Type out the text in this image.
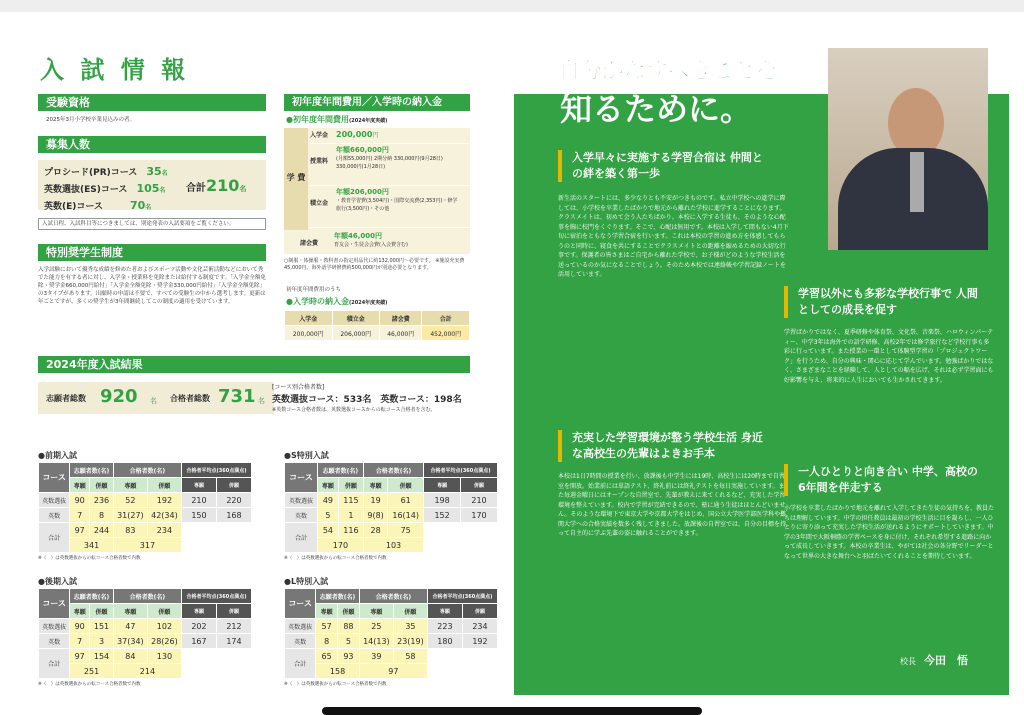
入 試 情 報
受験資格
2025年3月小学校卒業見込みの者。
募集人数
プロシード(PR)コース　 35名
英数選抜(ES)コース　 105名
英数(E)コース　　　 70名
合計210名
入試日程、入試科目等につきましては、別途発表の入試要項をご覧ください。
特別奨学生制度
入学試験において優秀な成績を修めた者およびスポーツ活動や文化芸術活動などにおいて秀でた能力を有する者に対し、入学金・授業料を免除または給付する制度です。「入学金全額免除・奨学金660,000円給付」「入学金全額免除・奨学金330,000円給付」「入学金全額免除」の3タイプがあります。出願時の申請は不要で、すべての受験生の中から選考します。更新は年ごとですが、多くの奨学生が3年間継続してこの制度の適用を受けています。
初年度年間費用／入学時の納入金
●初年度年間費用(2024年度実績)
学 費
入学金 200,000円
授業料年額660,000円
(月額55,000円) 2期分納 330,000円(9月28日) 330,000円(1月28日)
積立金年額206,000円
・教育学習費(3,504円)・国際交流費(2,353円)・修学旅行(3,500円)・その他
諸会費年額46,000円
育友会・生徒会会費(入会費含む)
○制服・体操服・教科書の指定用品代に約132,000円～必要です。 ※施設充実費45,000円、海外語学研修費約500,000円が別途必要となります。
初年度年間費用のうち
●入学時の納入金(2024年度実績)
入学金	積立金	諸会費	合計
200,000円	206,000円	46,000円	452,000円
2024年度入試結果
志願者総数 920 名 合格者総数 731 名
[コース別合格者数]
英数選抜コース：533名　 英数コース：198名
※英数コース合格者数は、英数選抜コースからの転コース合格者を含む。
●前期入試
コース	志願者数(名)		合格者数(名)		合格者平均点(360点満点)	
	専願	併願	専願	併願	専願	併願
英数選抜	90	236	52	192	210	220
英数	7	8	31(27)	42(34)	150	168
合計	97	244	83	234		
	341		317			
※（　）は英数選抜からの転コース合格者数で内数
●S特別入試
コース	志願者数(名)		合格者数(名)		合格者平均点(360点満点)	
	専願	併願	専願	併願	専願	併願
英数選抜	49	115	19	61	198	210
英数	5	1	9(8)	16(14)	152	170
合計	54	116	28	75		
	170		103			
※（　）は英数選抜からの転コース合格者数で内数
●後期入試
コース	志願者数(名)		合格者数(名)		合格者平均点(360点満点)	
	専願	併願	専願	併願	専願	併願
英数選抜	90	151	47	102	202	212
英数	7	3	37(34)	28(26)	167	174
合計	97	154	84	130		
	251		214			
※（　）は英数選抜からの転コース合格者数で内数
●L特別入試
コース	志願者数(名)		合格者数(名)		合格者平均点(360点満点)	
	専願	併願	専願	併願	専願	併願
英数選抜	57	88	25	35	223	234
英数	8	5	14(13)	23(19)	180	192
合計	65	93	39	58		
	158		97			
※（　）は英数選抜からの転コース合格者数で内数
自分がなすべきことを
知るために。
入学早々に実施する学習合宿は 仲間との絆を築く第一歩
新生活のスタートには、多少なりとも不安がつきものです。私立中学校への進学に際しては、小学校を卒業したばかりで地元から離れた学校に進学することになります。クラスメイトは、初めて会う人たちばかり。本校に入学する生徒も、そのような心配事を胸に校門をくぐります。そこで、心配は無用です。本校は入学して間もない4月下旬に宿泊をともなう学習合宿を行います。これは本校の学習の進め方を体感してもらうのと同時に、寝食を共にすることでクラスメイトとの距離を縮めるための大切な行事です。保護者の皆さまはご自宅から離れた学校で、お子様がどのような学校生活を送っているのか気になることでしょう。そのため本校では連絡帳や学習記録ノートを活用しています。
充実した学習環境が整う学校生活 身近な高校生の先輩はよきお手本
本校は1日7時間の授業を行い、放課後も中学生には19時、高校生には20時まで自習室を開放。始業前には単語テスト、終礼前には終礼テストを毎日実施しています。また毎週金曜日にはオープンな自習室で、先輩が教えに来てくれるなど、充実した学習環境を整えています。校内で学習が完結できるので、塾に通う生徒はほとんどいません。そのような環境下で東京大学や京都大学をはじめ、国公立大学医学部医学科や難関大学への合格実績を数多く残してきました。放課後の自習室では、自分の目標を持って自主的に学ぶ先輩の姿に触れることができます。
学習以外にも多彩な学校行事で 人間としての成長を促す
学習ばかりではなく、夏季研修や体育祭、文化祭、音楽祭、ハロウィンパーティー、中学3年は海外での語学研修、高校2年では修学旅行など学校行事も多彩に行っています。また授業の一環として体験型学習の「プロジェクトワーク」を行うため、自分の興味・関心に応じて学んでいます。勉強ばかりではなく、さまざまなことを経験して、人としての幅を広げ、それは必ず学習面にも好影響を与え、将来的に人生においても生かされてきます。
一人ひとりと向き合い 中学、高校の6年間を伴走する
小学校を卒業したばかりで地元を離れて入学してきた生徒の気持ちを、教員たちは理解しています。中学の担任教員は最初の学校生活に目を凝らし、一人ひとりに寄り添って充実した学校生活が送れるようにサポートしていきます。中学の3年間で大阪桐蔭の学習ペースを身に付け、それぞれ希望する進路に向かって成長していきます。本校の卒業生は、やがては社会の各分野でリーダーとなって世界の大きな舞台へと羽ばたいてくれることを期待しています。
校長　 今田　悟
